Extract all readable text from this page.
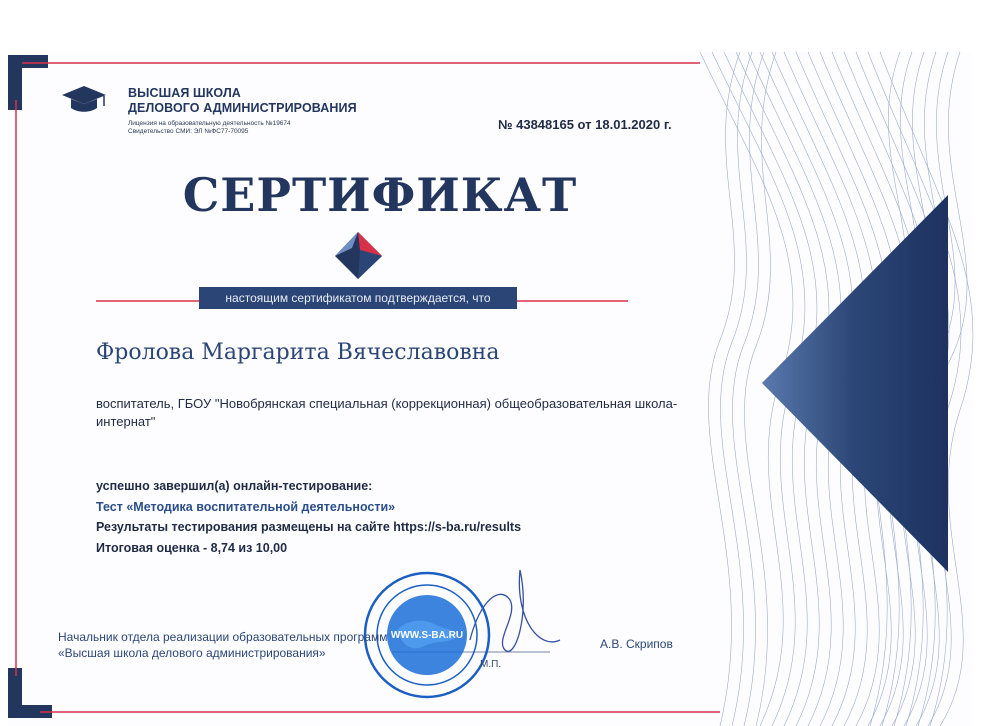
WWW.S-BA.RU
ВЫСШАЯ ШКОЛА
ДЕЛОВОГО АДМИНИСТРИРОВАНИЯ
Лицензия на образовательную деятельность №19674
Свидетельство СМИ: ЭЛ №ФС77-70095	№ 43848165 от 18.01.2020 г.
СЕРТИФИКАТ
настоящим сертификатом подтверждается, что
Фролова Маргарита Вячеславовна
воспитатель, ГБОУ "Новобрянская специальная (коррекционная) общеобразовательная школа-интернат"
успешно завершил(а) онлайн-тестирование:
Тест «Методика воспитательной деятельности»
Результаты тестирования размещены на сайте https://s-ba.ru/results
Итоговая оценка - 8,74 из 10,00
Начальник отдела реализации образовательных программ
«Высшая школа делового администрирования»
М.П.
А.В. Скрипов
